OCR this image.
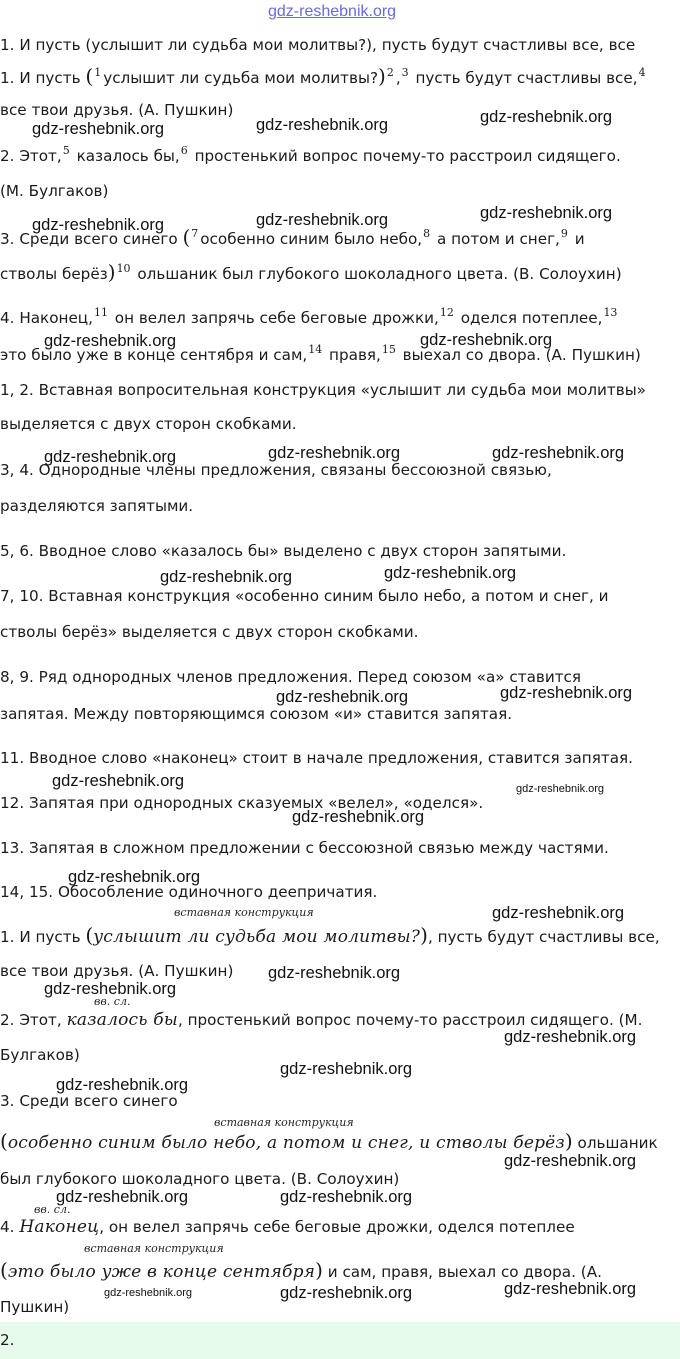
gdz-reshebnik.org
1. И пусть (услышит ли судьба мои молитвы?), пусть будут счастливы все, все
1. И пусть ($^1$ услышит ли судьба мои молитвы?)$^2$ ,$^3$ пусть будут счастливы все,$^4$
все твои друзья. (А. Пушкин)
gdz-reshebnik.org	gdz-reshebnik.org	gdz-reshebnik.org
2. Этот,$^5$ казалось бы,$^6$ простенький вопрос почему-то расстроил сидящего.
(М. Булгаков)
gdz-reshebnik.org	gdz-reshebnik.org	gdz-reshebnik.org
3. Среди всего синего ($^7$ особенно синим было небо,$^8$ а потом и снег,$^9$ и
стволы берёз)$^{10}$ ольшаник был глубокого шоколадного цвета. (В. Солоухин)
4. Наконец,$^{11}$ он велел запрячь себе беговые дрожки,$^{12}$ оделся потеплее,$^{13}$
gdz-reshebnik.org	gdz-reshebnik.org
это было уже в конце сентября и сам,$^{14}$ правя,$^{15}$ выехал со двора. (А. Пушкин)
1, 2. Вставная вопросительная конструкция «услышит ли судьба мои молитвы»
выделяется с двух сторон скобками.
gdz-reshebnik.org	gdz-reshebnik.org	gdz-reshebnik.org
3, 4. Однородные члены предложения, связаны бессоюзной связью,
разделяются запятыми.
5, 6. Вводное слово «казалось бы» выделено с двух сторон запятыми.
gdz-reshebnik.org	gdz-reshebnik.org
7, 10. Вставная конструкция «особенно синим было небо, а потом и снег, и
стволы берёз» выделяется с двух сторон скобками.
8, 9. Ряд однородных членов предложения. Перед союзом «а» ставится
gdz-reshebnik.org	gdz-reshebnik.org
запятая. Между повторяющимся союзом «и» ставится запятая.
11. Вводное слово «наконец» стоит в начале предложения, ставится запятая.
gdz-reshebnik.org	gdz-reshebnik.org
12. Запятая при однородных сказуемых «велел», «оделся».
gdz-reshebnik.org
13. Запятая в сложном предложении с бессоюзной связью между частями.
gdz-reshebnik.org
14, 15. Обособление одиночного деепричатия.
вставная конструкция	gdz-reshebnik.org
1. И пусть (услышит ли судьба мои молитвы?), пусть будут счастливы все,
все твои друзья. (А. Пушкин) gdz-reshebnik.org
gdz-reshebnik.org
вв. сл.
2. Этот, казалось бы, простенький вопрос почему-то расстроил сидящего. (М.
gdz-reshebnik.org
Булгаков)
gdz-reshebnik.org
gdz-reshebnik.org
3. Среди всего синего
вставная конструкция
(особенно синим было небо, а потом и снег, и стволы берёз) ольшаник
gdz-reshebnik.org
был глубокого шоколадного цвета. (В. Солоухин)
gdz-reshebnik.org	gdz-reshebnik.org
вв. сл.
4. Наконец, он велел запрячь себе беговые дрожки, оделся потеплее
вставная конструкция
(это было уже в конце сентября) и сам, правя, выехал со двора. (А.
gdz-reshebnik.org	gdz-reshebnik.org	gdz-reshebnik.org
Пушкин)
2.
